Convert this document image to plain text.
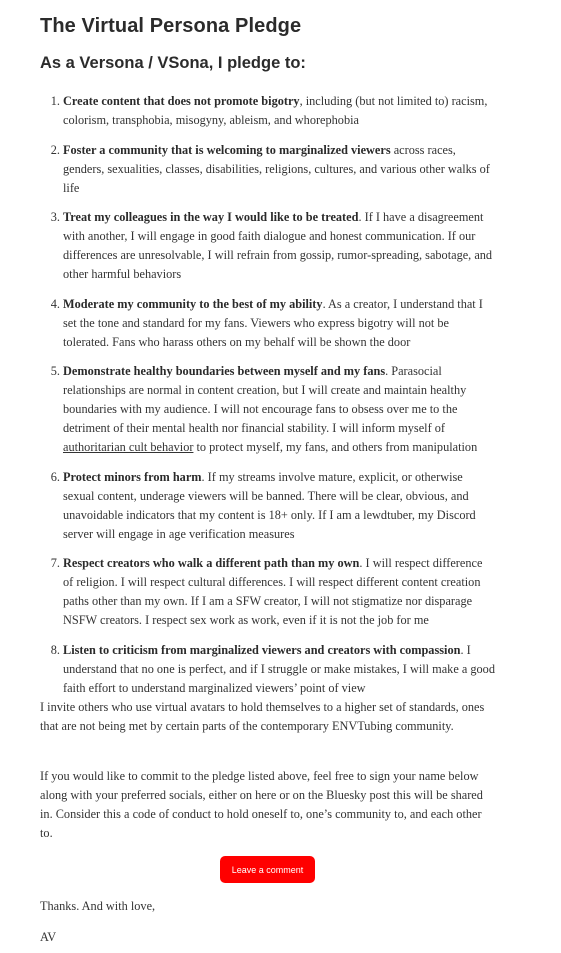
The Virtual Persona Pledge
As a Versona / VSona, I pledge to:
1. Create content that does not promote bigotry, including (but not limited to) racism, colorism, transphobia, misogyny, ableism, and whorephobia
2. Foster a community that is welcoming to marginalized viewers across races, genders, sexualities, classes, disabilities, religions, cultures, and various other walks of life
3. Treat my colleagues in the way I would like to be treated. If I have a disagreement with another, I will engage in good faith dialogue and honest communication. If our differences are unresolvable, I will refrain from gossip, rumor-spreading, sabotage, and other harmful behaviors
4. Moderate my community to the best of my ability. As a creator, I understand that I set the tone and standard for my fans. Viewers who express bigotry will not be tolerated. Fans who harass others on my behalf will be shown the door
5. Demonstrate healthy boundaries between myself and my fans. Parasocial relationships are normal in content creation, but I will create and maintain healthy boundaries with my audience. I will not encourage fans to obsess over me to the detriment of their mental health nor financial stability. I will inform myself of authoritarian cult behavior to protect myself, my fans, and others from manipulation
6. Protect minors from harm. If my streams involve mature, explicit, or otherwise sexual content, underage viewers will be banned. There will be clear, obvious, and unavoidable indicators that my content is 18+ only. If I am a lewdtuber, my Discord server will engage in age verification measures
7. Respect creators who walk a different path than my own. I will respect difference of religion. I will respect cultural differences. I will respect different content creation paths other than my own. If I am a SFW creator, I will not stigmatize nor disparage NSFW creators. I respect sex work as work, even if it is not the job for me
8. Listen to criticism from marginalized viewers and creators with compassion. I understand that no one is perfect, and if I struggle or make mistakes, I will make a good faith effort to understand marginalized viewers’ point of view

I invite others who use virtual avatars to hold themselves to a higher set of standards, ones that are not being met by certain parts of the contemporary ENVTubing community.

If you would like to commit to the pledge listed above, feel free to sign your name below along with your preferred socials, either on here or on the Bluesky post this will be shared in. Consider this a code of conduct to hold oneself to, one’s community to, and each other to.

Leave a comment

Thanks. And with love,

AV
